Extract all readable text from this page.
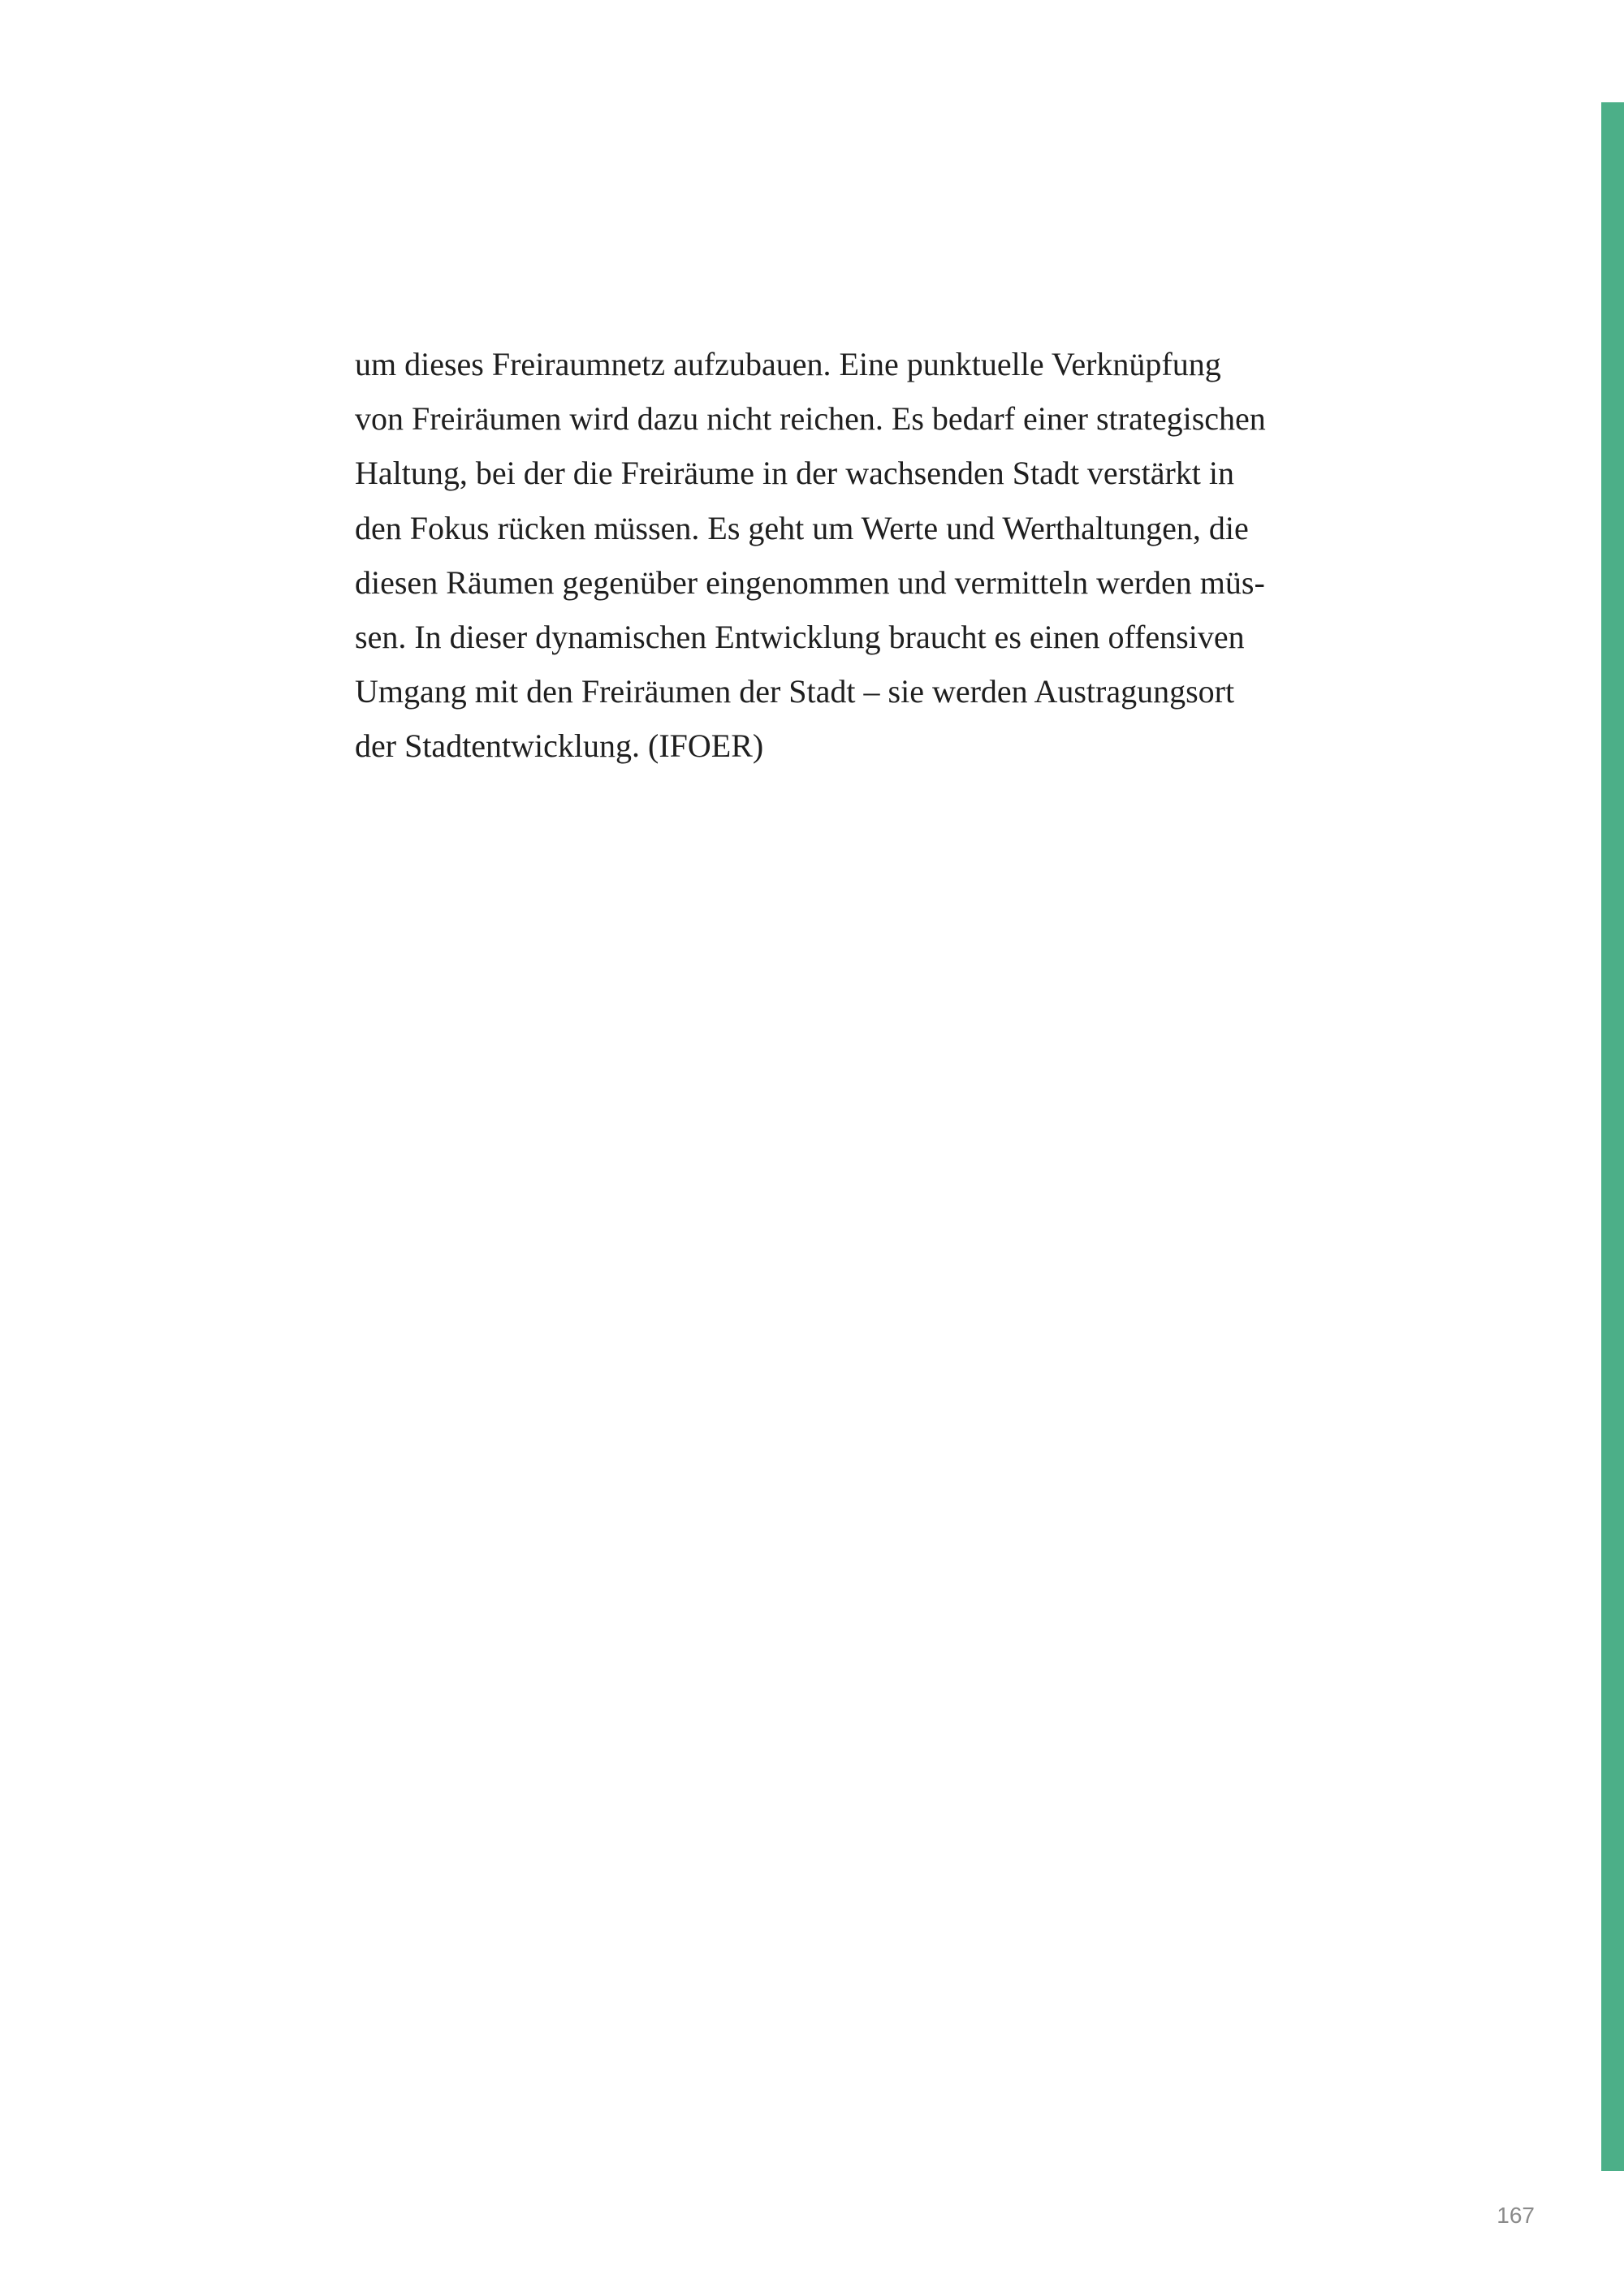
um dieses Freiraumnetz aufzubauen. Eine punktuelle Verknüpfung
von Freiräumen wird dazu nicht reichen. Es bedarf einer strategischen
Haltung, bei der die Freiräume in der wachsenden Stadt verstärkt in
den Fokus rücken müssen. Es geht um Werte und Werthaltungen, die
diesen Räumen gegenüber eingenommen und vermitteln werden müs-
sen. In dieser dynamischen Entwicklung braucht es einen offensiven
Umgang mit den Freiräumen der Stadt – sie werden Austragungsort
der Stadtentwicklung. (IFOER)

167
